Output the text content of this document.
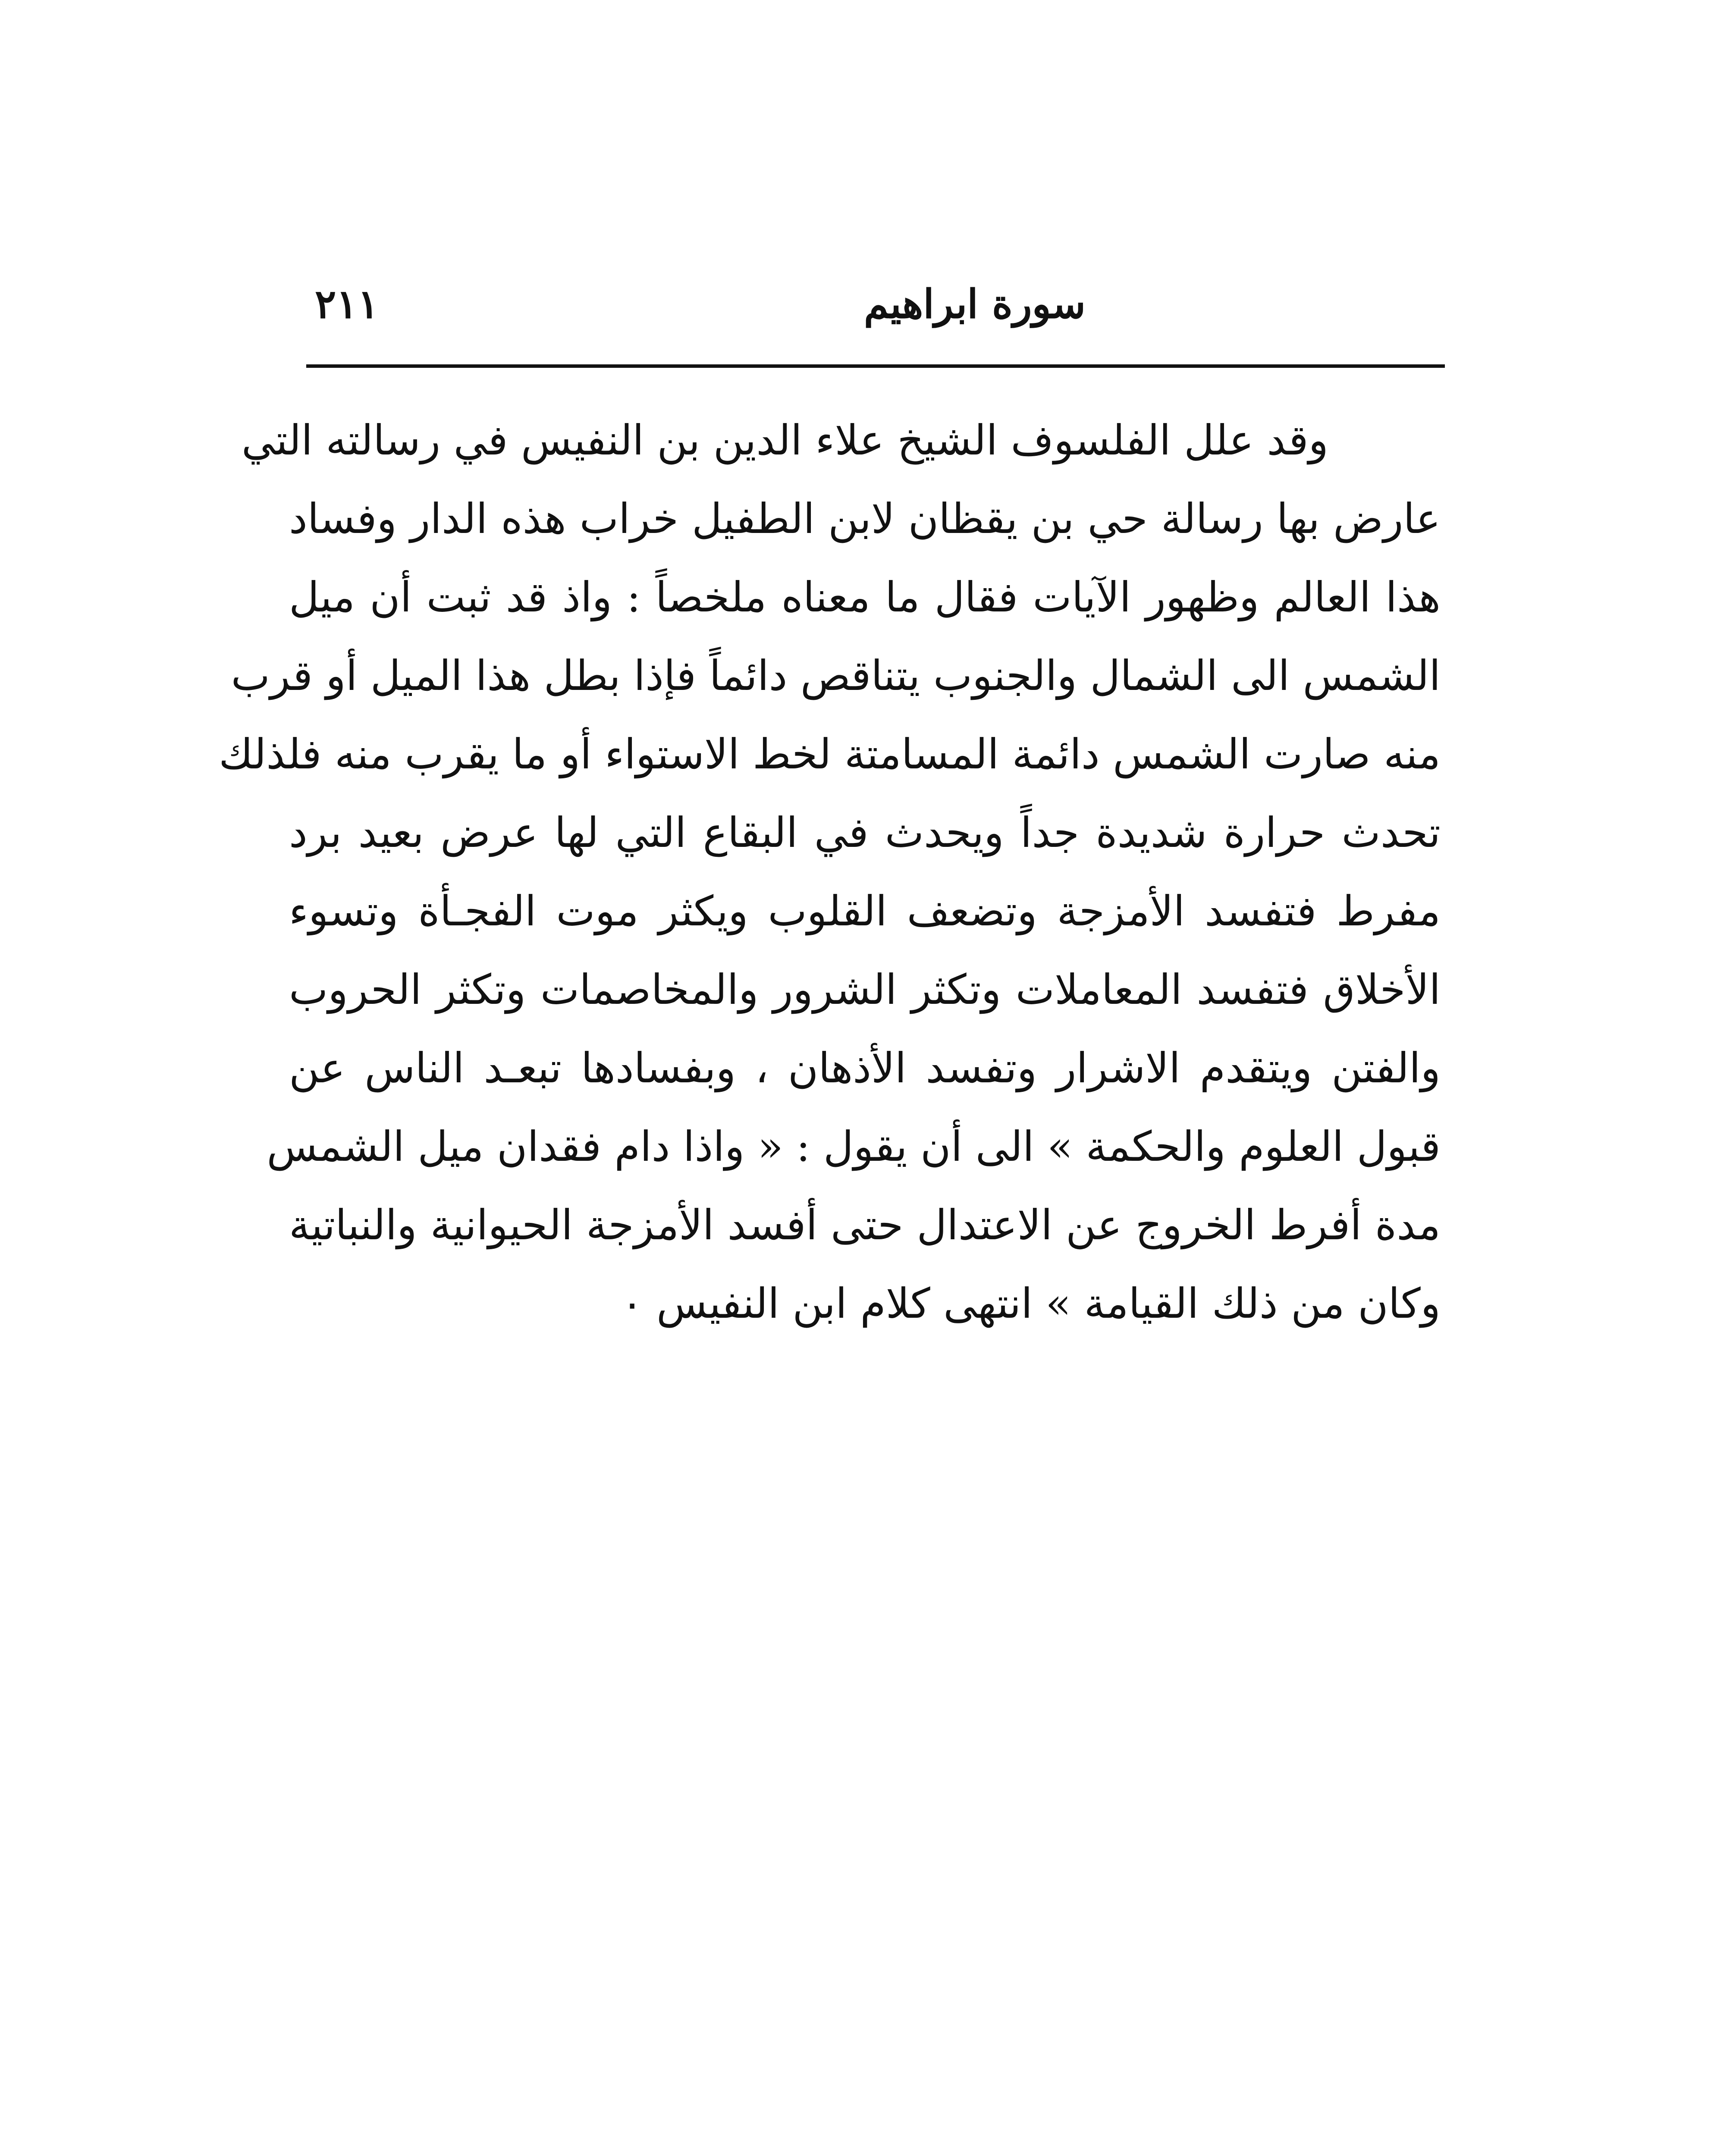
سورة ابراهيم
٢١١
وقد علل الفلسوف الشيخ علاء الدين بن النفيس في رسالته التي
عارض بها رسالة حي بن يقظان لابن الطفيل خراب هذه الدار وفساد
هذا العالم وظهور الآيات فقال ما معناه ملخصاً : واذ قد ثبت أن ميل
الشمس الى الشمال والجنوب يتناقص دائماً فإذا بطل هذا الميل أو قرب
منه صارت الشمس دائمة المسامتة لخط الاستواء أو ما يقرب منه فلذلك
تحدث حرارة شديدة جداً ويحدث في البقاع التي لها عرض بعيد برد
مفرط فتفسد الأمزجة وتضعف القلوب ويكثر موت الفجـأة وتسوء
الأخلاق فتفسد المعاملات وتكثر الشرور والمخاصمات وتكثر الحروب
والفتن ويتقدم الاشرار وتفسد الأذهان ، وبفسادها تبعـد الناس عن
قبول العلوم والحكمة » الى أن يقول : « واذا دام فقدان ميل الشمس
مدة أفرط الخروج عن الاعتدال حتى أفسد الأمزجة الحيوانية والنباتية
وكان من ذلك القيامة » انتهى كلام ابن النفيس ٠
